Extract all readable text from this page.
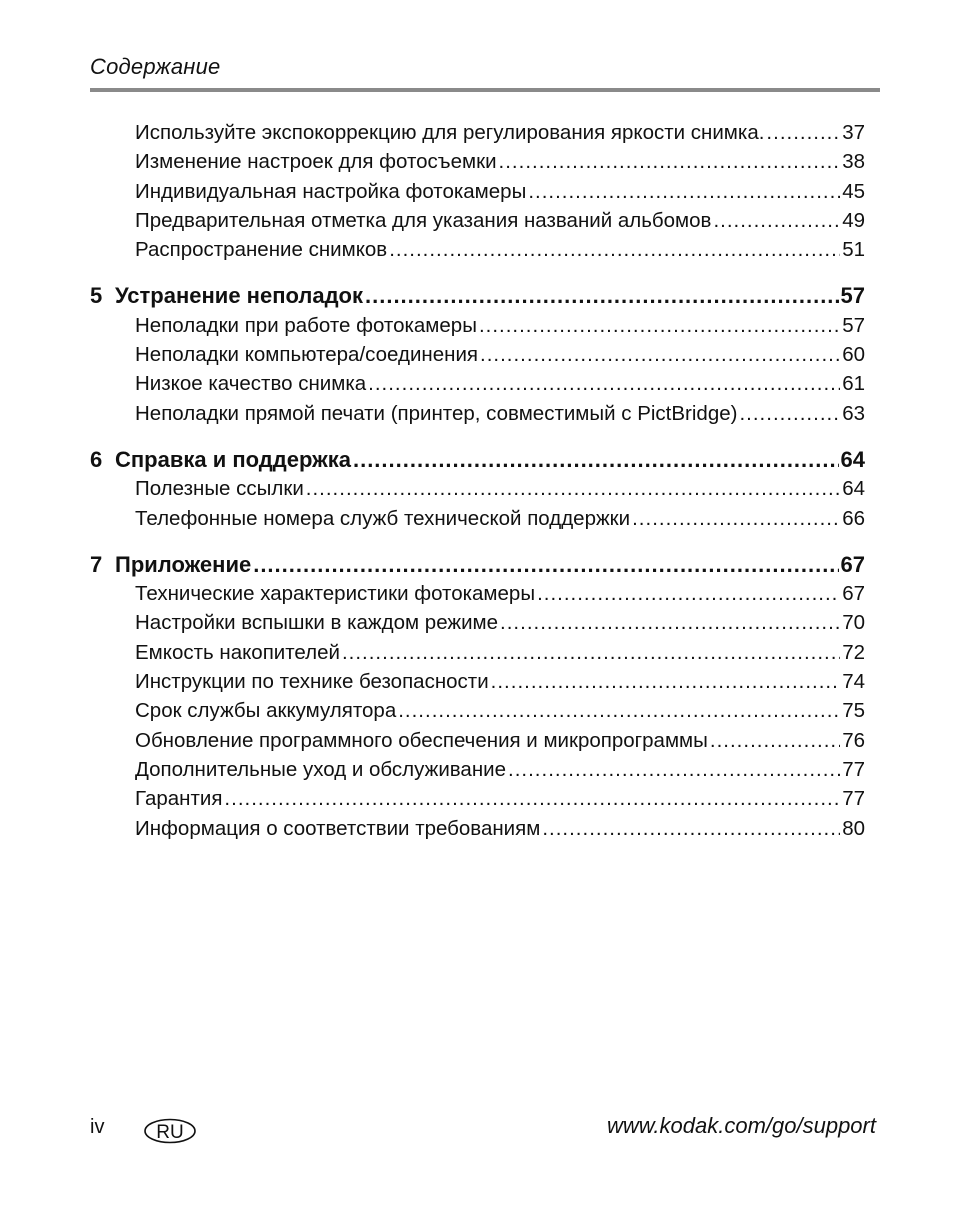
Содержание
Используйте экспокоррекцию для регулирования яркости снимка. .....	37
Изменение настроек для фотосъемки .....	38
Индивидуальная настройка фотокамеры .....	45
Предварительная отметка для указания названий альбомов .....	49
Распространение снимков .....	51
5 Устранение неполадок .....	57
Неполадки при работе фотокамеры .....	57
Неполадки компьютера/соединения .....	60
Низкое качество снимка .....	61
Неполадки прямой печати (принтер, совместимый с PictBridge) .....	63
6 Справка и поддержка .....	64
Полезные ссылки .....	64
Телефонные номера служб технической поддержки .....	66
7 Приложение .....	67
Технические характеристики фотокамеры .....	67
Настройки вспышки в каждом режиме .....	70
Емкость накопителей .....	72
Инструкции по технике безопасности .....	74
Срок службы аккумулятора .....	75
Обновление программного обеспечения и микропрограммы .....	76
Дополнительные уход и обслуживание .....	77
Гарантия .....	77
Информация о соответствии требованиям .....	80
iv	RU	www.kodak.com/go/support
